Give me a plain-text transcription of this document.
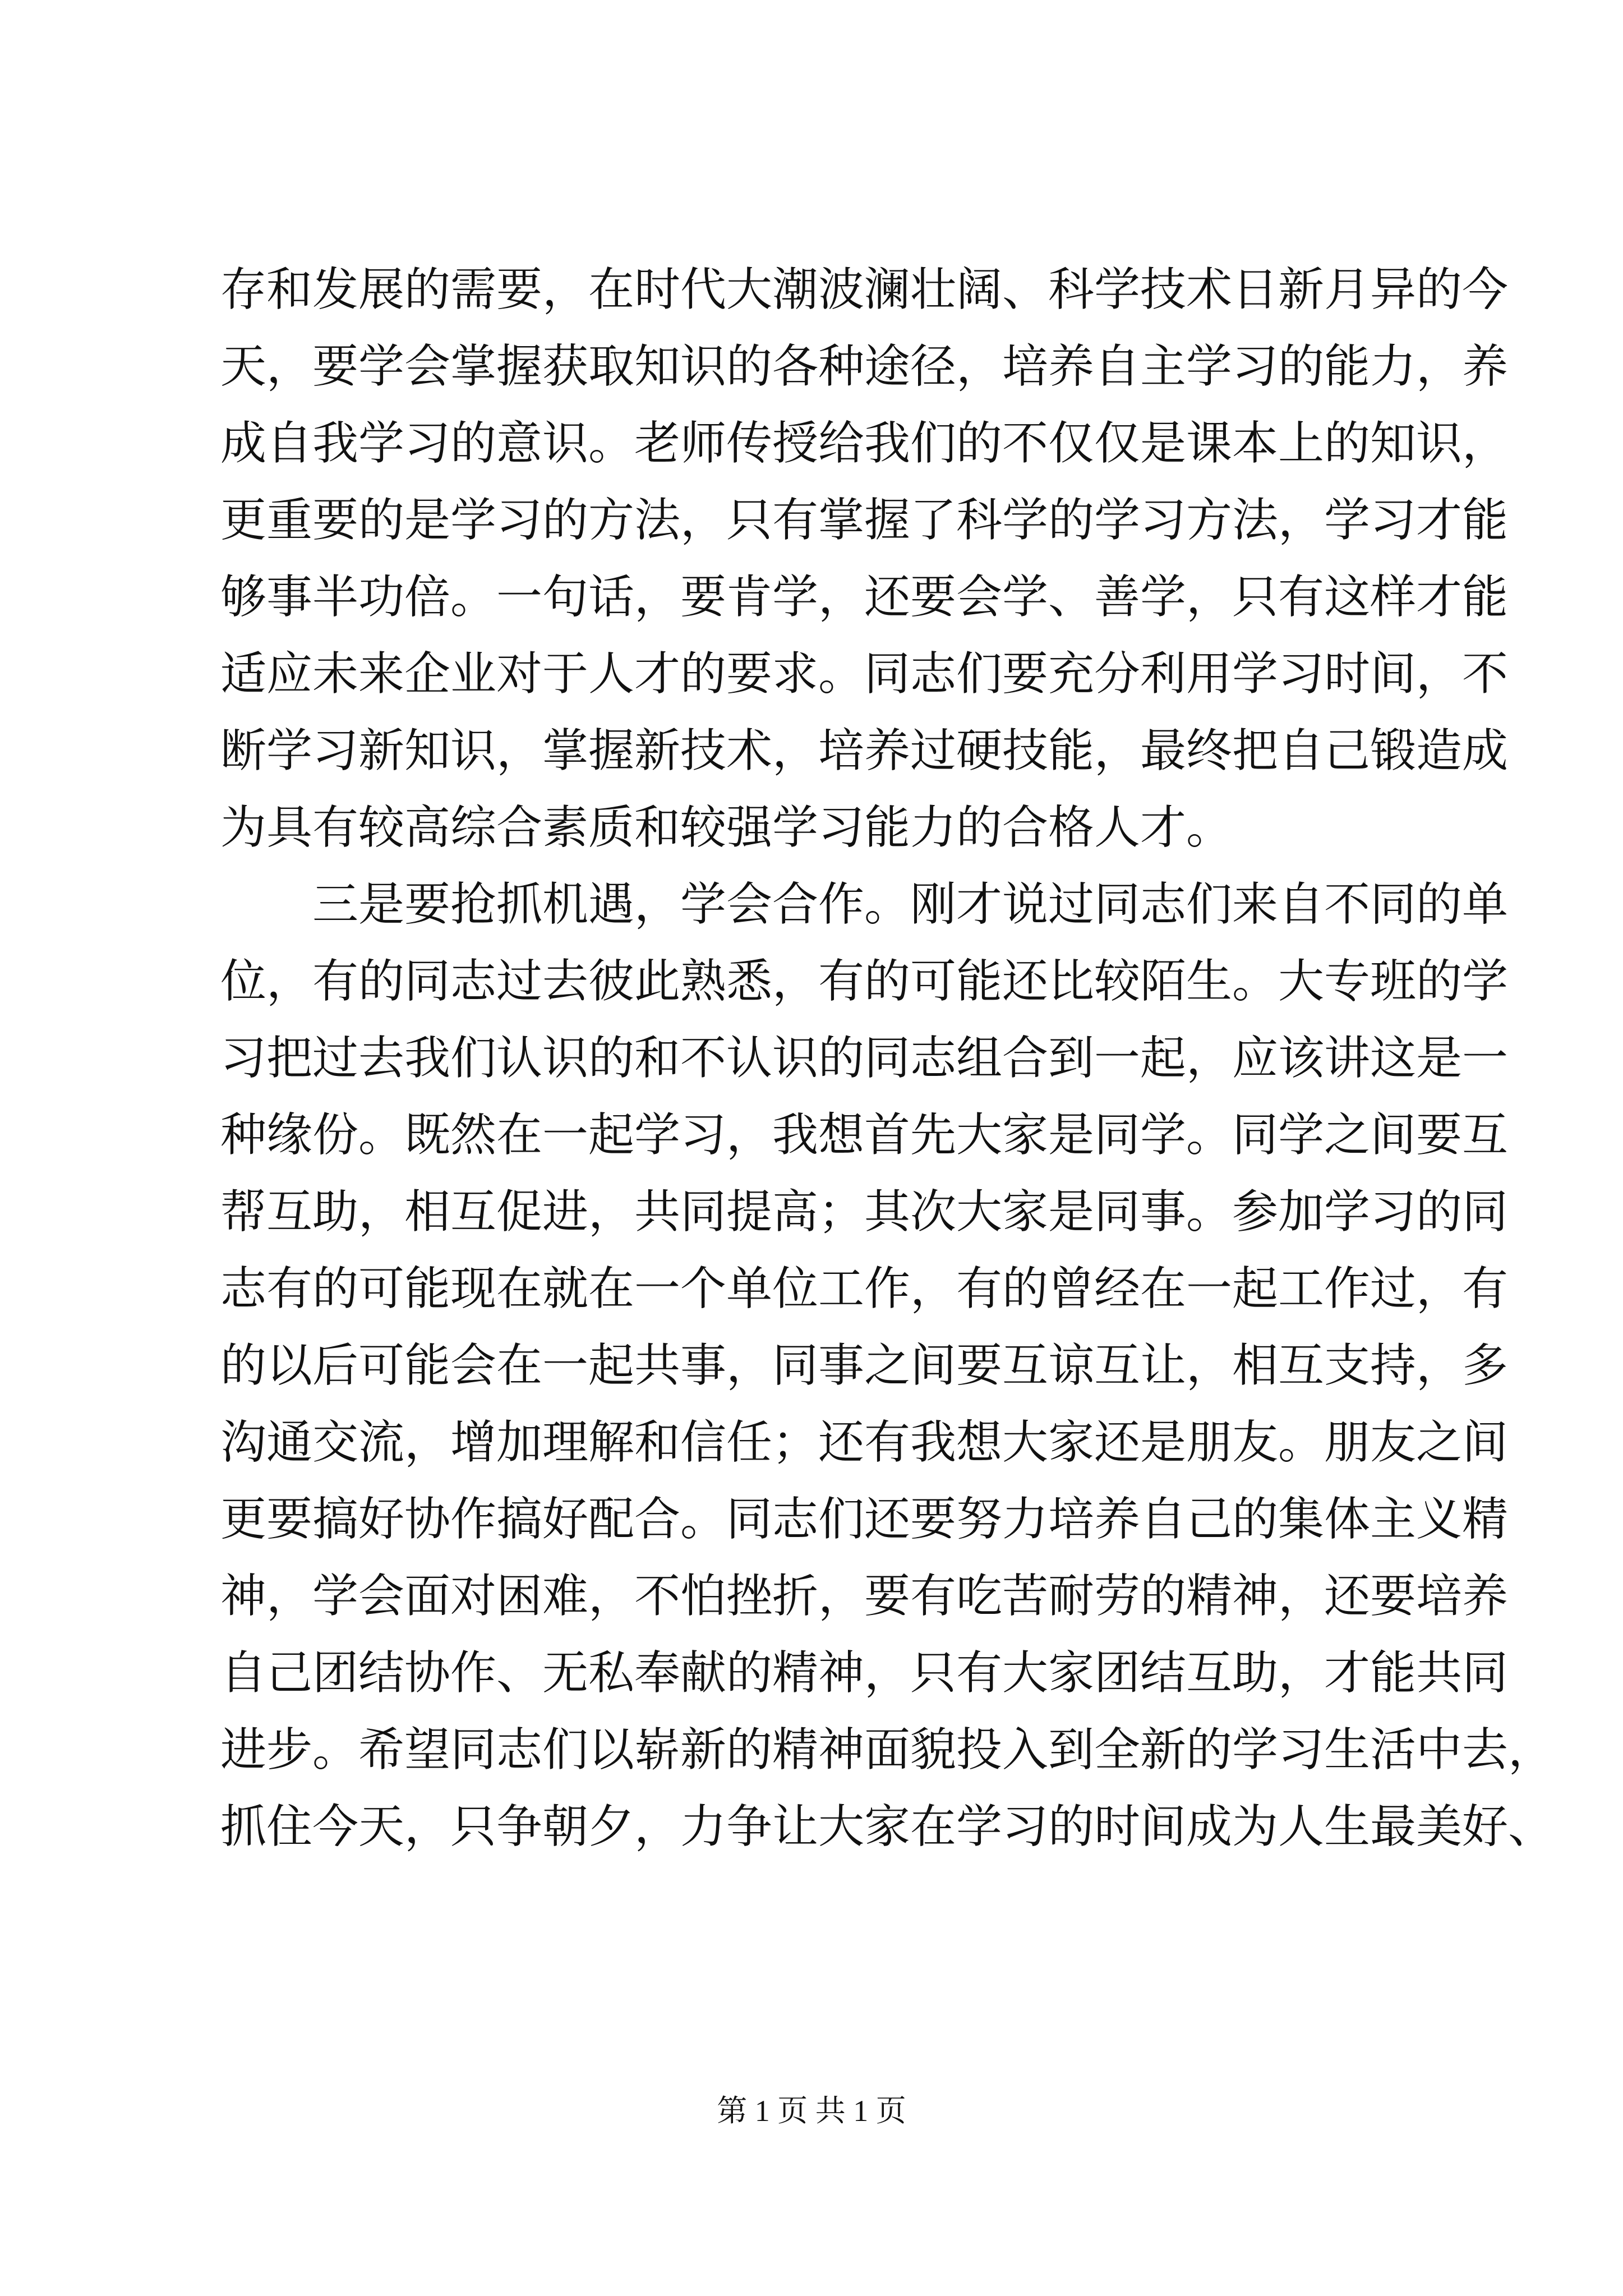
存和发展的需要，在时代大潮波澜壮阔、科学技术日新月异的今
天，要学会掌握获取知识的各种途径，培养自主学习的能力，养
成自我学习的意识。老师传授给我们的不仅仅是课本上的知识，
更重要的是学习的方法，只有掌握了科学的学习方法，学习才能
够事半功倍。一句话，要肯学，还要会学、善学，只有这样才能
适应未来企业对于人才的要求。同志们要充分利用学习时间，不
断学习新知识，掌握新技术，培养过硬技能，最终把自己锻造成
为具有较高综合素质和较强学习能力的合格人才。
　　三是要抢抓机遇，学会合作。刚才说过同志们来自不同的单
位，有的同志过去彼此熟悉，有的可能还比较陌生。大专班的学
习把过去我们认识的和不认识的同志组合到一起，应该讲这是一
种缘份。既然在一起学习，我想首先大家是同学。同学之间要互
帮互助，相互促进，共同提高；其次大家是同事。参加学习的同
志有的可能现在就在一个单位工作，有的曾经在一起工作过，有
的以后可能会在一起共事，同事之间要互谅互让，相互支持，多
沟通交流，增加理解和信任；还有我想大家还是朋友。朋友之间
更要搞好协作搞好配合。同志们还要努力培养自己的集体主义精
神，学会面对困难，不怕挫折，要有吃苦耐劳的精神，还要培养
自己团结协作、无私奉献的精神，只有大家团结互助，才能共同
进步。希望同志们以崭新的精神面貌投入到全新的学习生活中去，
抓住今天，只争朝夕，力争让大家在学习的时间成为人生最美好、
第 1 页 共 1 页
